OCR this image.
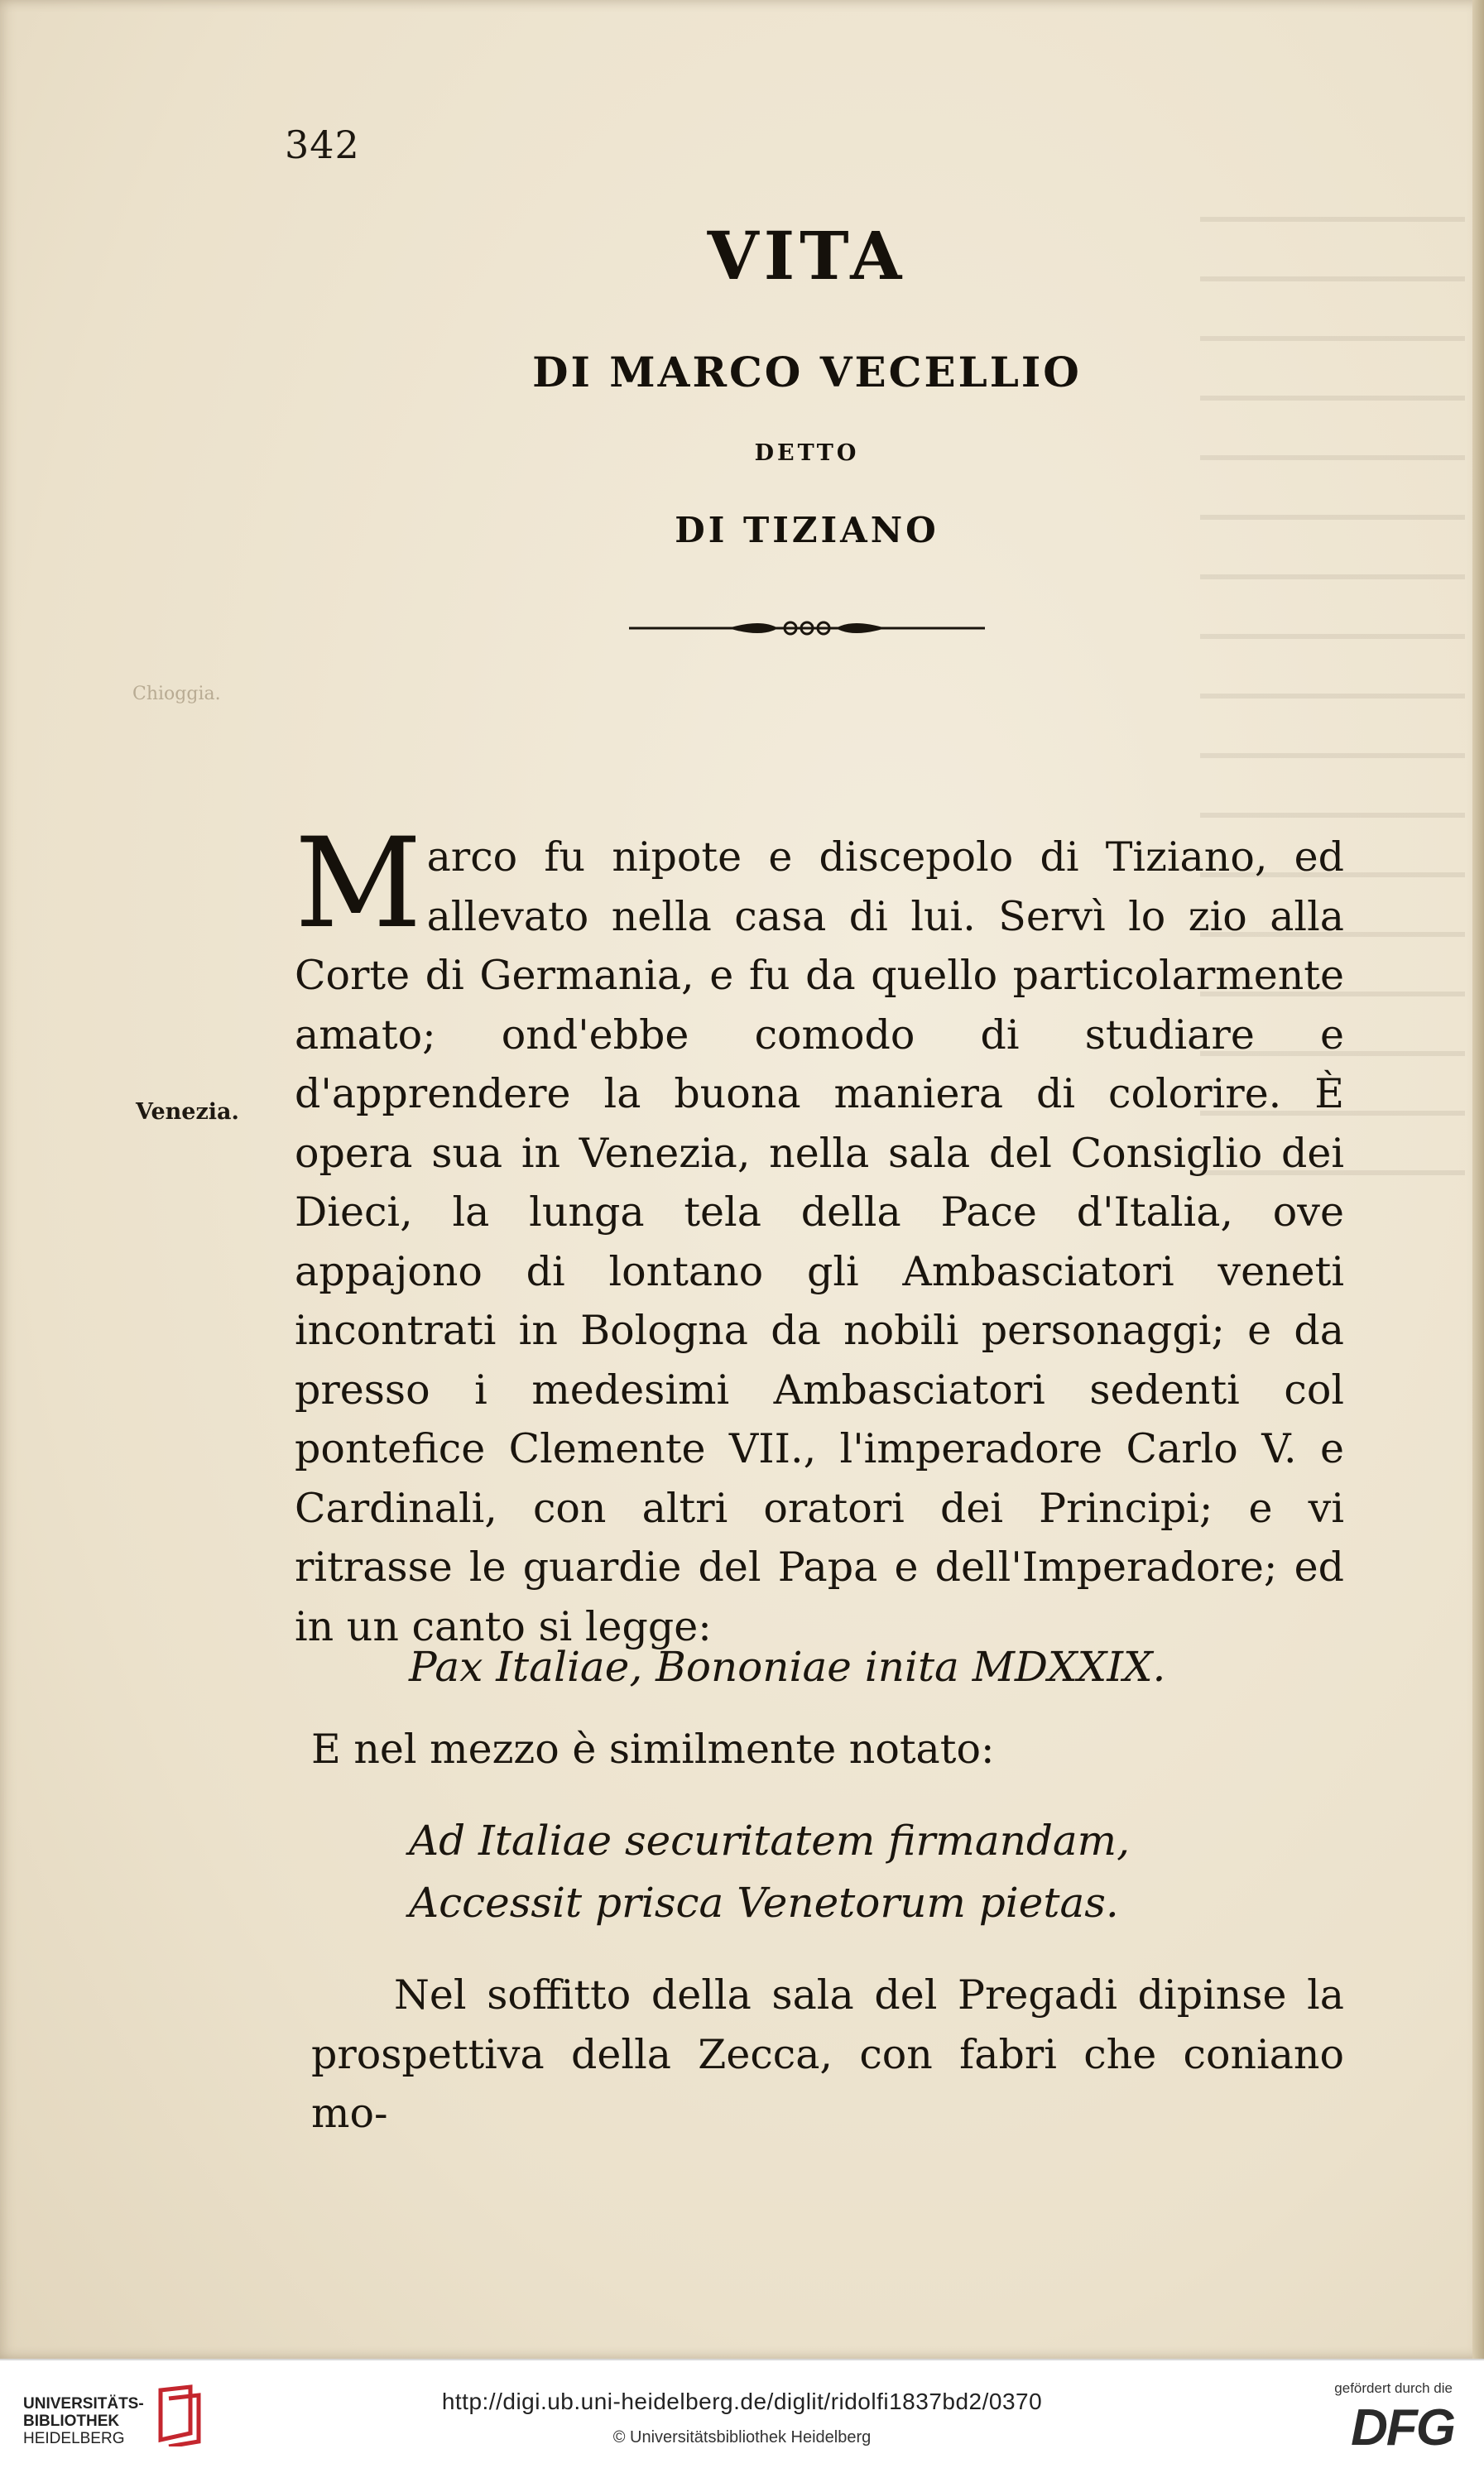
342
VITA
DI MARCO VECELLIO
DETTO
DI TIZIANO
Chioggia.
Venezia.
M arco fu nipote e discepolo di Tiziano, ed allevato nella casa di lui. Servì lo zio alla Corte di Germania, e fu da quello particolarmente amato; ond'ebbe comodo di studiare e d'apprendere la buona maniera di colorire. È opera sua in Venezia, nella sala del Consiglio dei Dieci, la lunga tela della Pace d'Italia, ove appajono di lontano gli Ambasciatori veneti incontrati in Bologna da nobili personaggi; e da presso i medesimi Ambasciatori sedenti col pontefice Clemente VII., l'imperadore Carlo V. e Cardinali, con altri oratori dei Principi; e vi ritrasse le guardie del Papa e dell'Imperadore; ed in un canto si legge:
Pax Italiae, Bononiae inita MDXXIX.
E nel mezzo è similmente notato:
Ad Italiae securitatem firmandam,
Accessit prisca Venetorum pietas.
Nel soffitto della sala del Pregadi dipinse la prospettiva della Zecca, con fabri che coniano mo-
UNIVERSITÄTS-
BIBLIOTHEK
HEIDELBERG
http://digi.ub.uni-heidelberg.de/diglit/ridolfi1837bd2/0370
© Universitätsbibliothek Heidelberg
gefördert durch die
DFG
